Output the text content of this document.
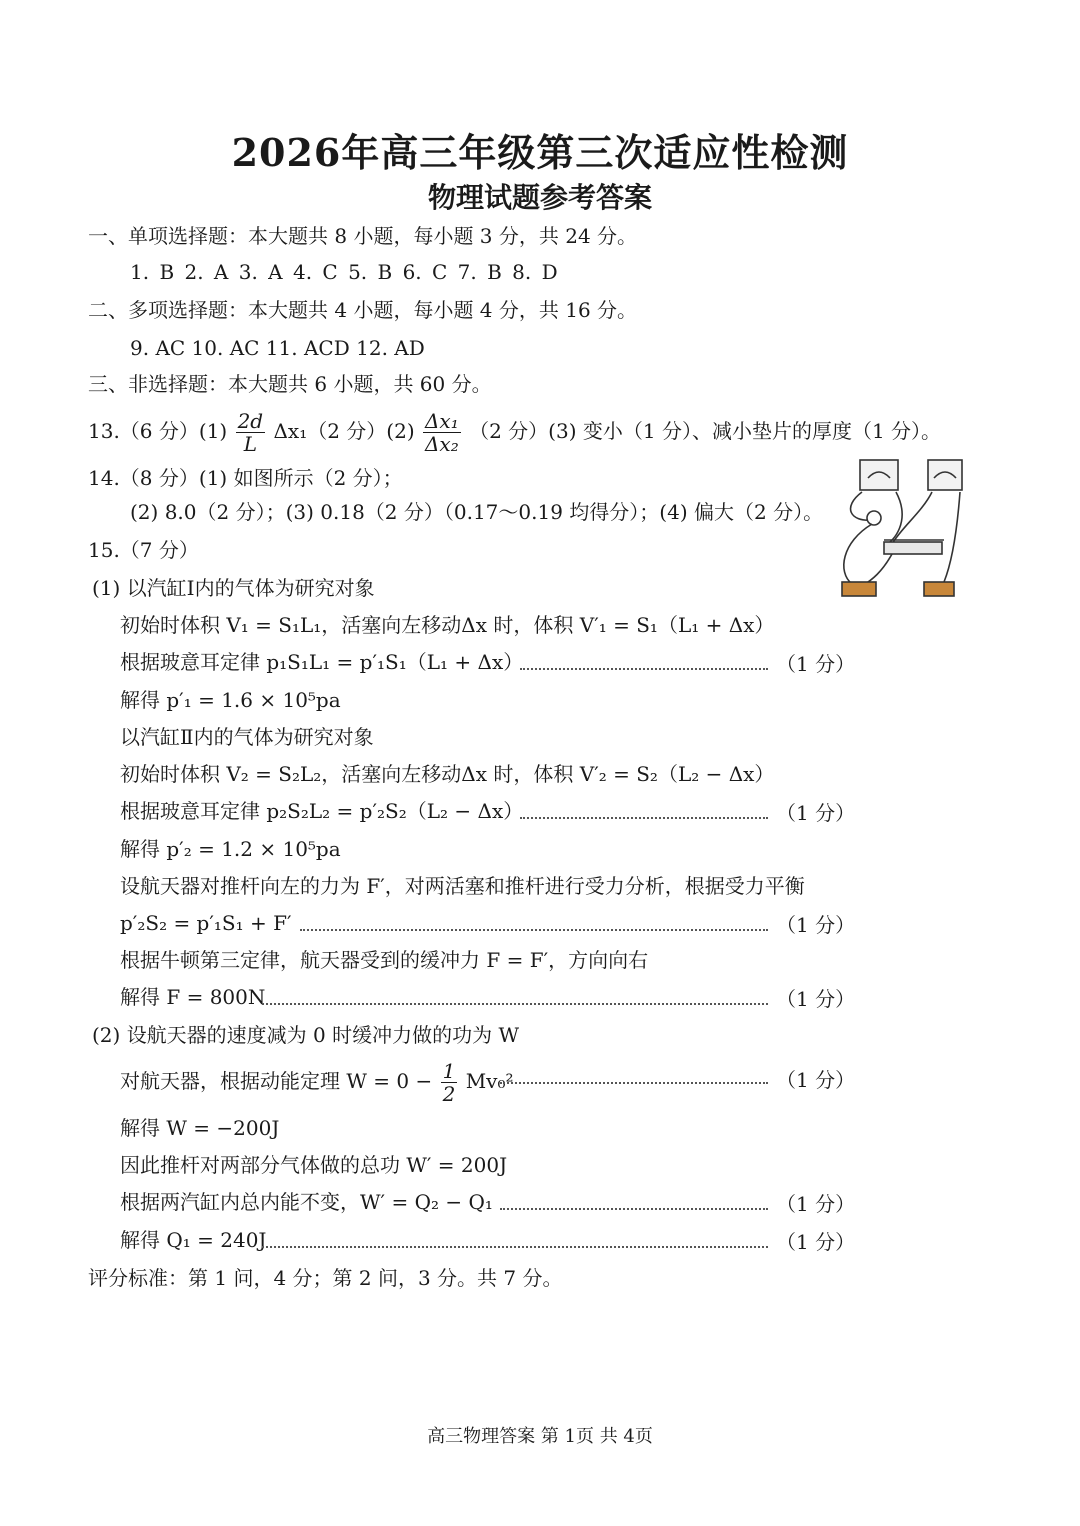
2026年高三年级第三次适应性检测
物理试题参考答案
一、单项选择题：本大题共 8 小题，每小题 3 分，共 24 分。
1. B 2. A 3. A 4. C 5. B 6. C 7. B 8. D
二、多项选择题：本大题共 4 小题，每小题 4 分，共 16 分。
9. AC 10. AC 11. ACD 12. AD
三、非选择题：本大题共 6 小题，共 60 分。
13.（6 分）$(1) \frac{2d}{L} \Delta x_1(2$ 分）$(2) \frac{\text{Δx₁}}{\text{Δx₂}} (2$ 分）(3) 变小（1 分）、减小垫片的厚度（1 分）。
14.（8 分）(1) 如图所示（2 分）；
(2) 8.0（2 分）；(3) 0.18（2 分）（0.17～0.19 均得分）；(4) 偏大（2 分）。
15.（7 分）
(1) 以汽缸Ⅰ内的气体为研究对象
初始时体积 V₁ = S₁L₁，活塞向左移动Δx 时，体积 V′₁ = S₁（L₁ + Δx）
根据玻意耳定律 p₁S₁L₁ = p′₁S₁（L₁ + Δx）	（1 分）
解得 p′₁ = 1.6 × 10⁵pa
以汽缸Ⅱ内的气体为研究对象
初始时体积 V₂ = S₂L₂，活塞向左移动Δx 时，体积 V′₂ = S₂（L₂ − Δx）
根据玻意耳定律 p₂S₂L₂ = p′₂S₂（L₂ − Δx）	（1 分）
解得 p′₂ = 1.2 × 10⁵pa
设航天器对推杆向左的力为 F′，对两活塞和推杆进行受力分析，根据受力平衡
p′₂S₂ = p′₁S₁ + F′	（1 分）
根据牛顿第三定律，航天器受到的缓冲力 F = F′，方向向右
解得 F = 800N	（1 分）
(2) 设航天器的速度减为 0 时缓冲力做的功为 W
对航天器，根据动能定理 $W = 0 - \frac{1}{2} Mv_0^2$	（1 分）
解得 W = −200J
因此推杆对两部分气体做的总功 W′ = 200J
根据两汽缸内总内能不变，W′ = Q₂ − Q₁	（1 分）
解得 Q₁ = 240J	（1 分）
评分标准：第 1 问，4 分；第 2 问，3 分。共 7 分。
高三物理答案 第 1页 共 4页
